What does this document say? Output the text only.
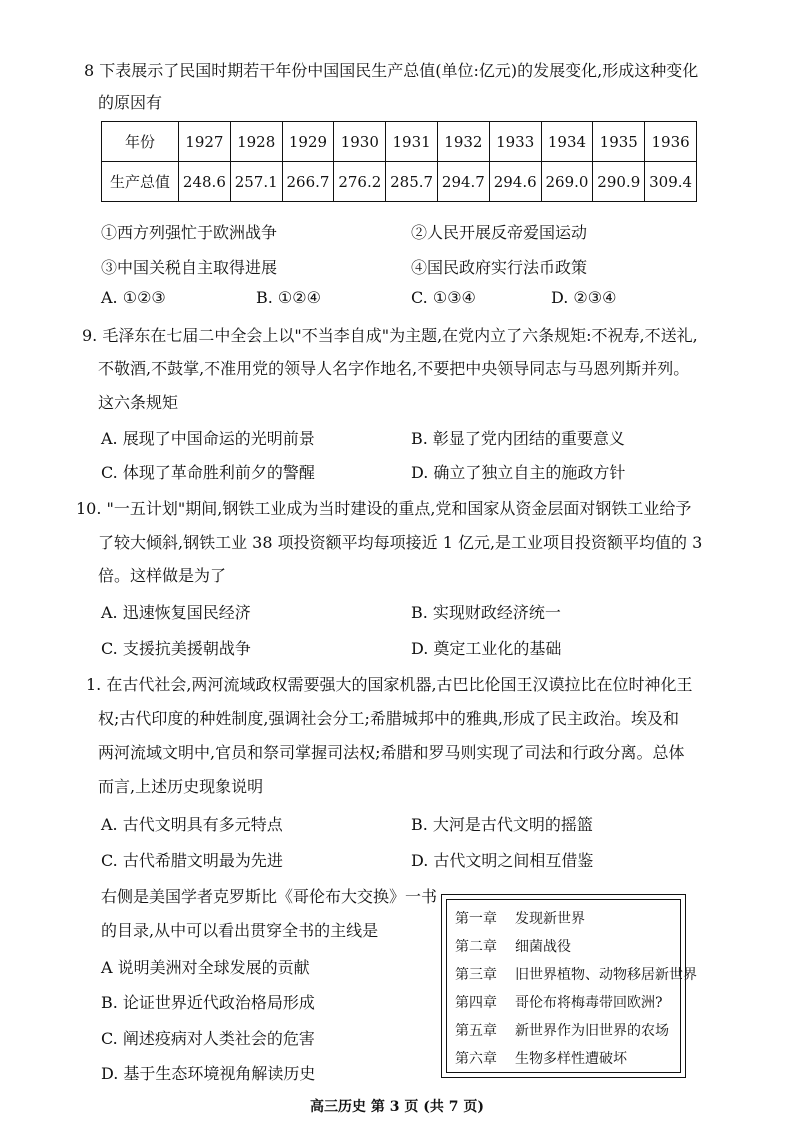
8 下表展示了民国时期若干年份中国国民生产总值(单位:亿元)的发展变化,形成这种变化
的原因有
年份	1927	1928	1929	1930	1931	1932	1933	1934	1935	1936
生产总值	248.6	257.1	266.7	276.2	285.7	294.7	294.6	269.0	290.9	309.4
①西方列强忙于欧洲战争	②人民开展反帝爱国运动
③中国关税自主取得进展	④国民政府实行法币政策
A. ①②③	B. ①②④	C. ①③④	D. ②③④
9. 毛泽东在七届二中全会上以"不当李自成"为主题,在党内立了六条规矩:不祝寿,不送礼,
不敬酒,不鼓掌,不准用党的领导人名字作地名,不要把中央领导同志与马恩列斯并列。
这六条规矩
A. 展现了中国命运的光明前景	B. 彰显了党内团结的重要意义
C. 体现了革命胜利前夕的警醒	D. 确立了独立自主的施政方针
10. "一五计划"期间,钢铁工业成为当时建设的重点,党和国家从资金层面对钢铁工业给予
了较大倾斜,钢铁工业 38 项投资额平均每项接近 1 亿元,是工业项目投资额平均值的 3
倍。这样做是为了
A. 迅速恢复国民经济	B. 实现财政经济统一
C. 支援抗美援朝战争	D. 奠定工业化的基础
1. 在古代社会,两河流域政权需要强大的国家机器,古巴比伦国王汉谟拉比在位时神化王
权;古代印度的种姓制度,强调社会分工;希腊城邦中的雅典,形成了民主政治。埃及和
两河流域文明中,官员和祭司掌握司法权;希腊和罗马则实现了司法和行政分离。总体
而言,上述历史现象说明
A. 古代文明具有多元特点	B. 大河是古代文明的摇篮
C. 古代希腊文明最为先进	D. 古代文明之间相互借鉴
右侧是美国学者克罗斯比《哥伦布大交换》一书
的目录,从中可以看出贯穿全书的主线是
A 说明美洲对全球发展的贡献
B. 论证世界近代政治格局形成
C. 阐述疫病对人类社会的危害
D. 基于生态环境视角解读历史
第一章 发现新世界
第二章 细菌战役
第三章 旧世界植物、动物移居新世界
第四章 哥伦布将梅毒带回欧洲?
第五章 新世界作为旧世界的农场
第六章 生物多样性遭破坏
高三历史 第 3 页 (共 7 页)
